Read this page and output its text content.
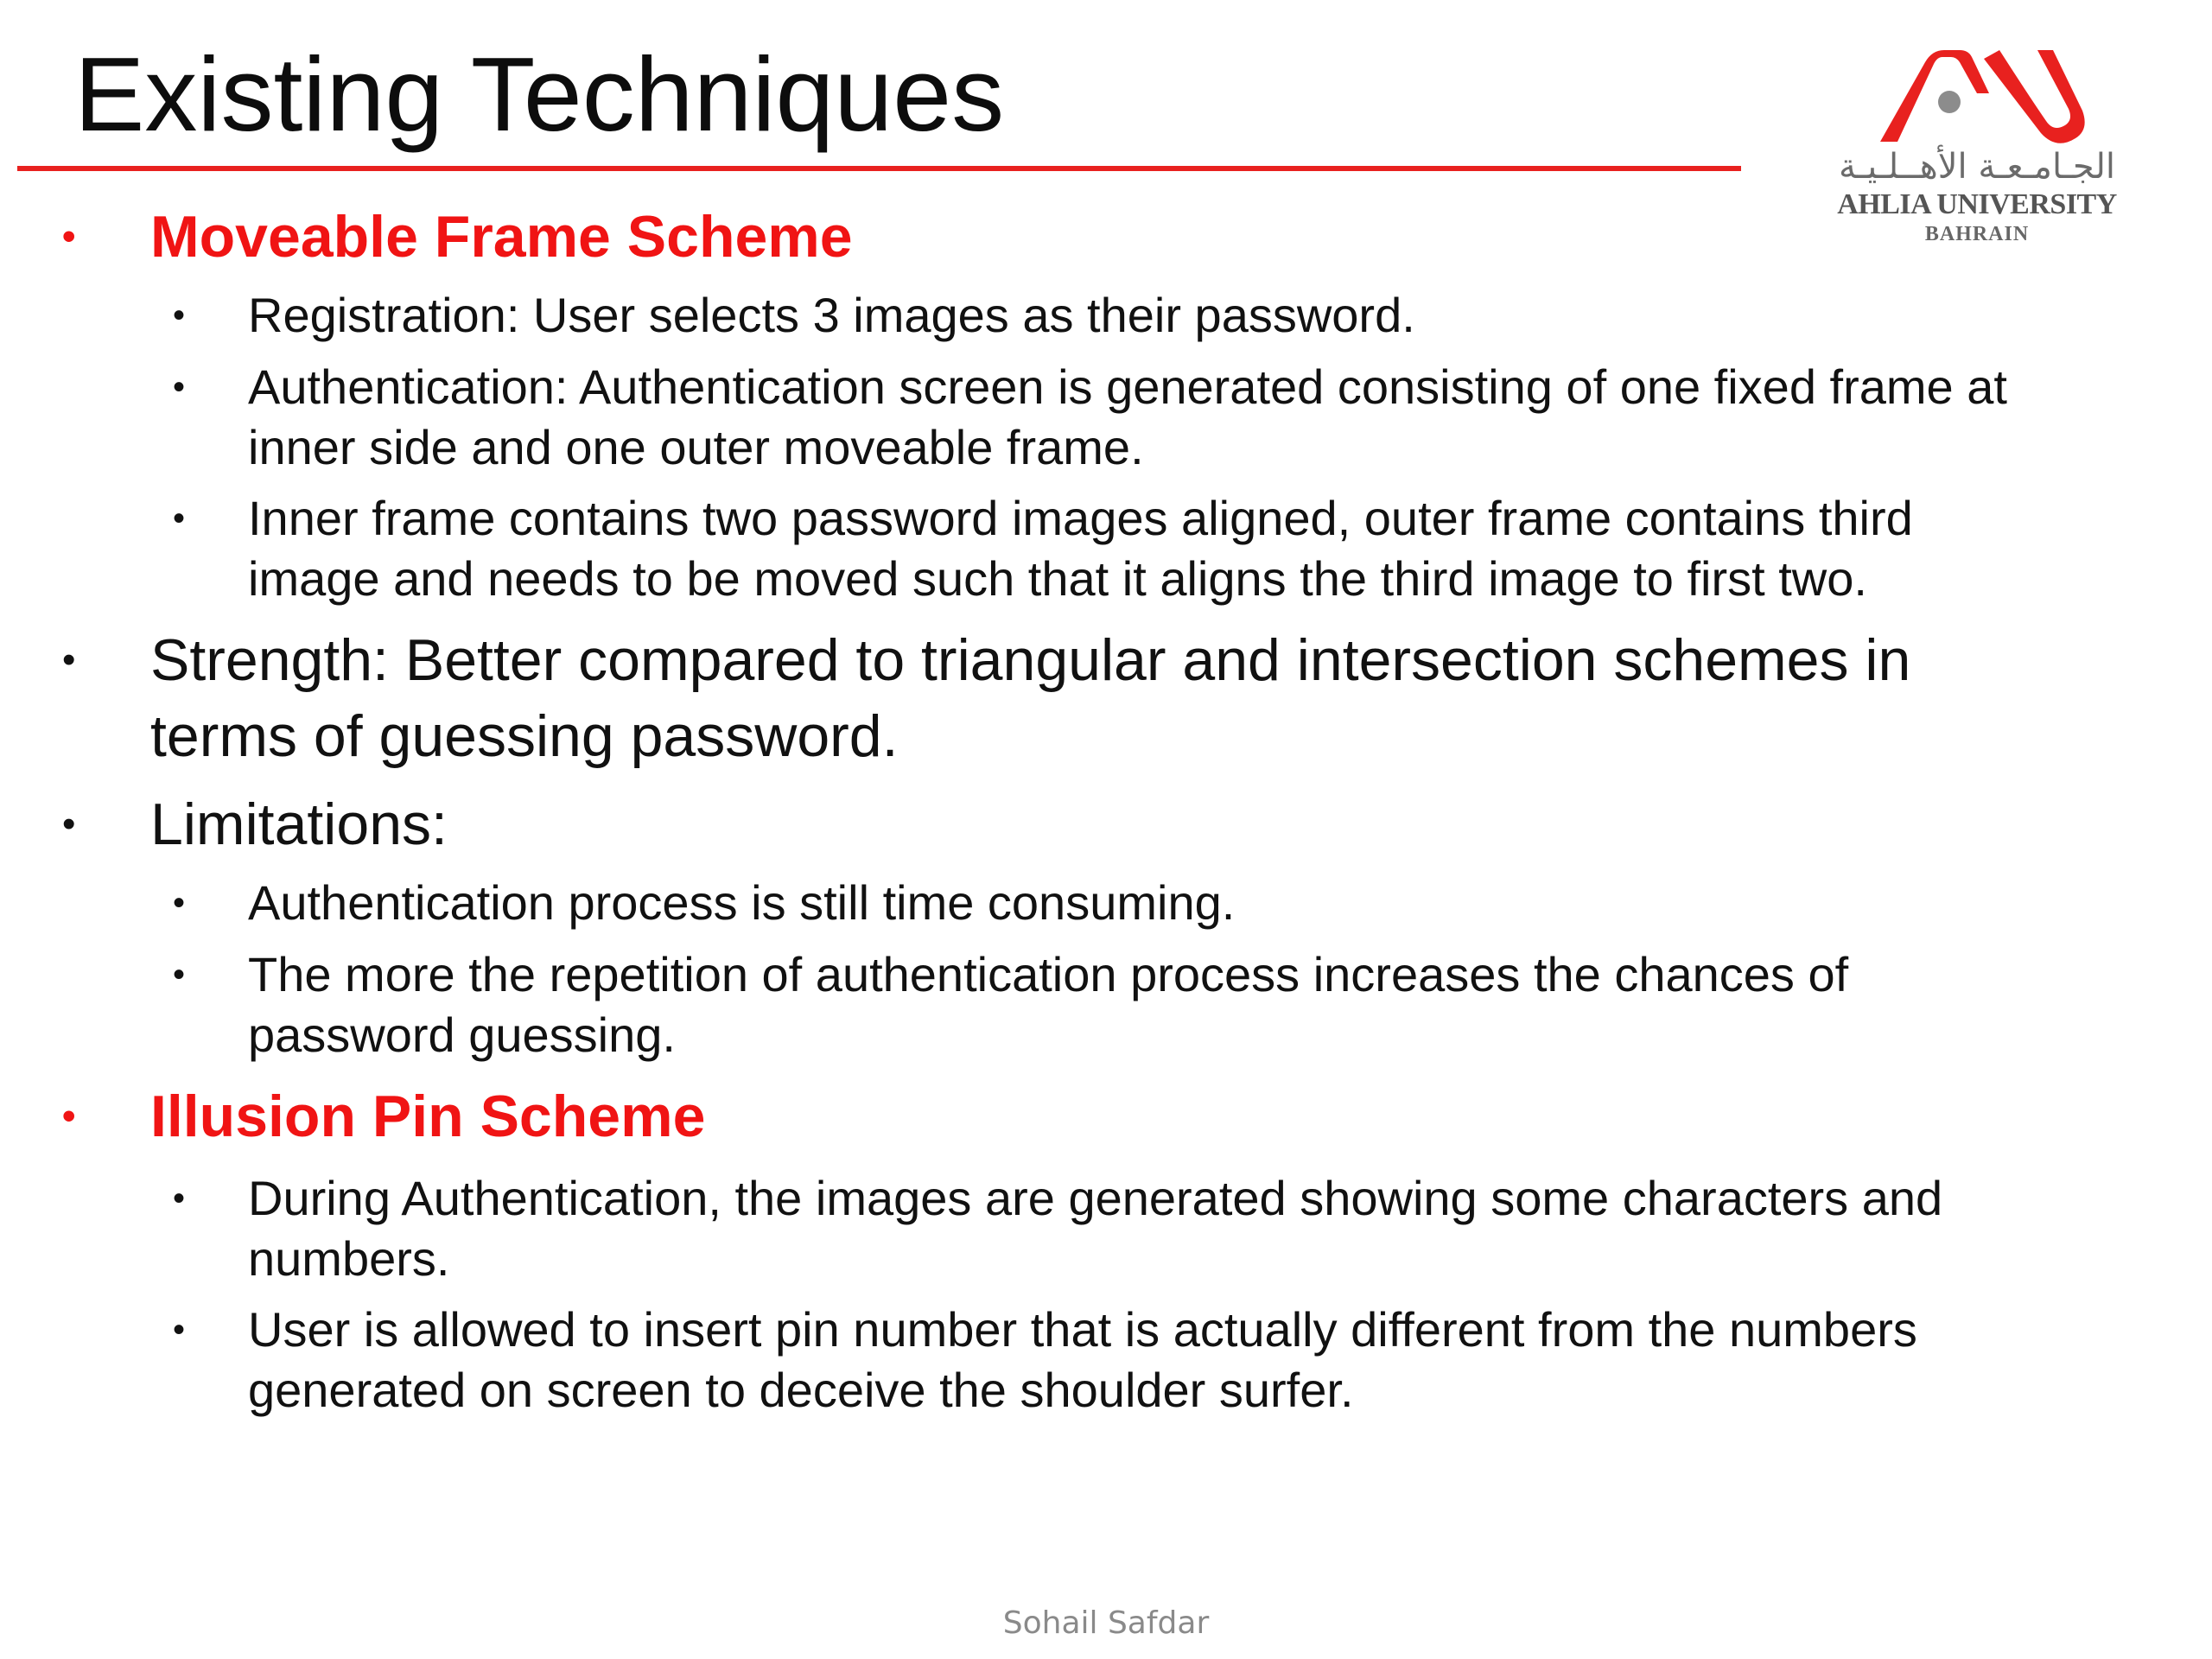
Existing Techniques
الجـامـعـة الأهــلـيـة
AHLIA UNIVERSITY
BAHRAIN
• Moveable Frame Scheme
• Registration: User selects 3 images as their password.
• Authentication: Authentication screen is generated consisting of one fixed frame at inner side and one outer moveable frame.
• Inner frame contains two password images aligned, outer frame contains third image and needs to be moved such that it aligns the third image to first two.
• Strength: Better compared to triangular and intersection schemes in terms of guessing password.
• Limitations:
• Authentication process is still time consuming.
• The more the repetition of authentication process increases the chances of password guessing.
• Illusion Pin Scheme
• During Authentication, the images are generated showing some characters and numbers.
• User is allowed to insert pin number that is actually different from the numbers generated on screen to deceive the shoulder surfer.
Sohail Safdar
